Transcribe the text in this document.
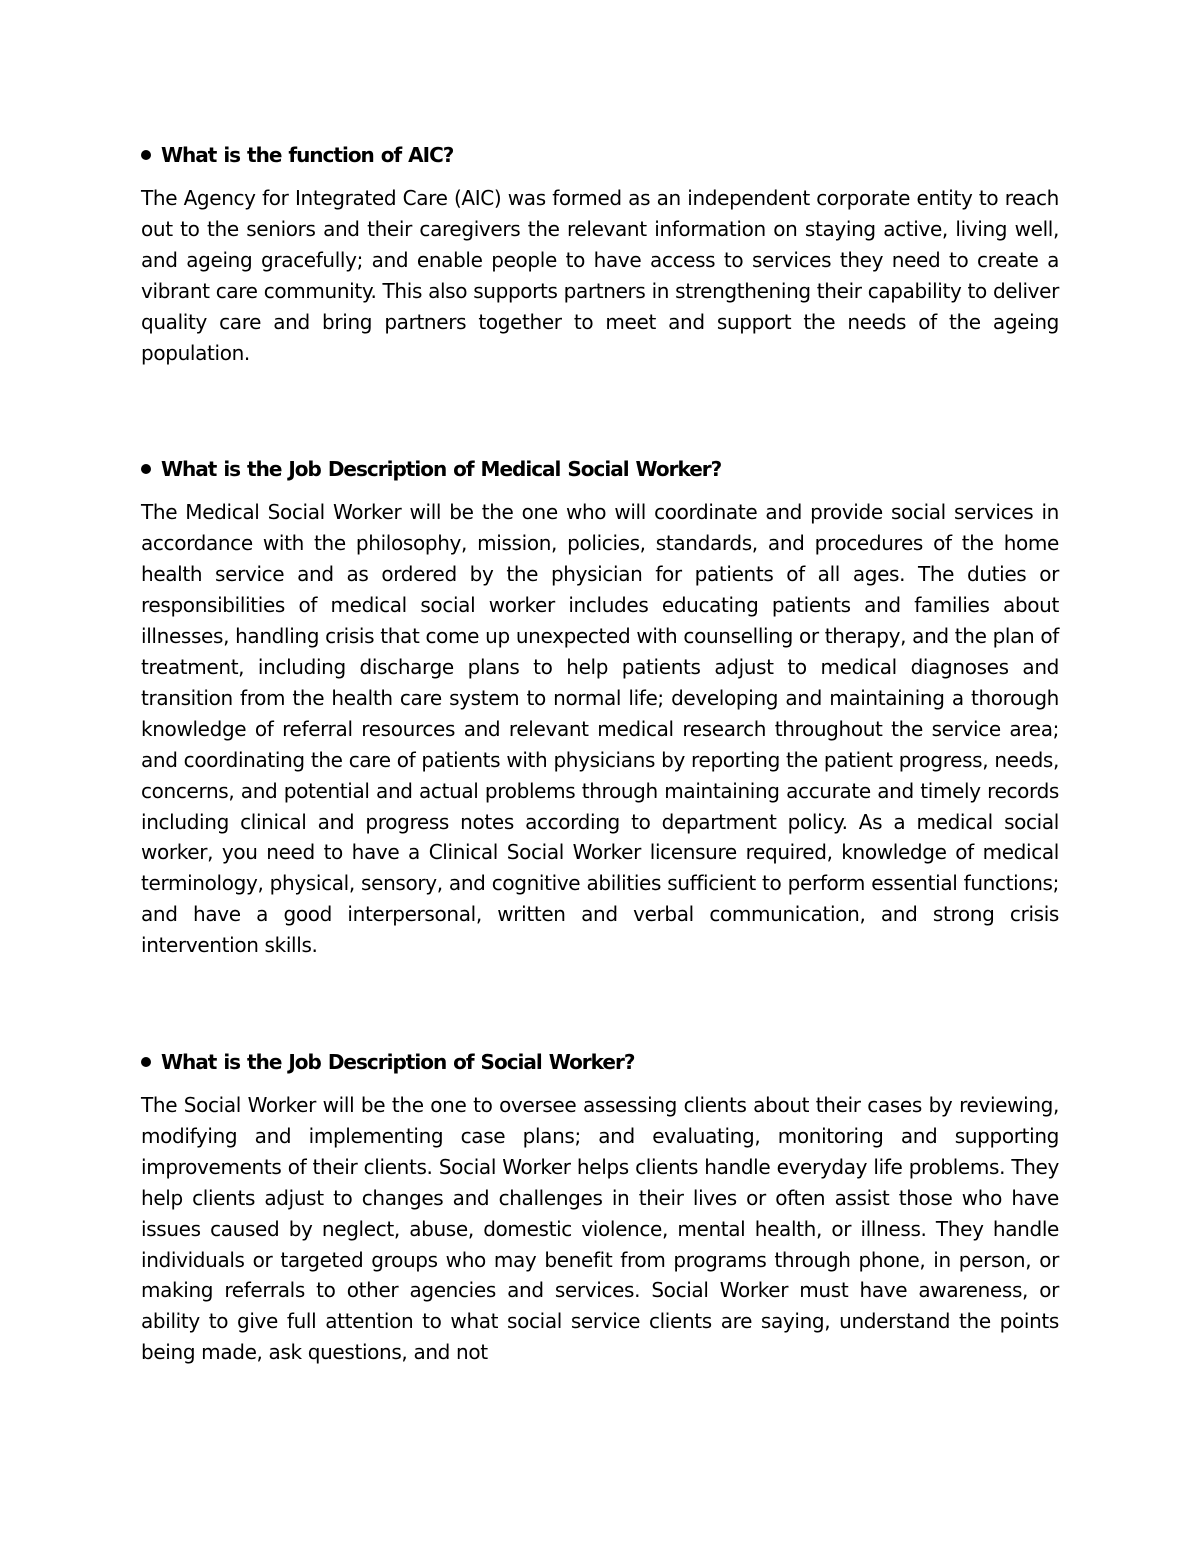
What is the function of AIC?

The Agency for Integrated Care (AIC) was formed as an independent corporate entity to reach out to the seniors and their caregivers the relevant information on staying active, living well, and ageing gracefully; and enable people to have access to services they need to create a vibrant care community. This also supports partners in strengthening their capability to deliver quality care and bring partners together to meet and support the needs of the ageing population.

What is the Job Description of Medical Social Worker?

The Medical Social Worker will be the one who will coordinate and provide social services in accordance with the philosophy, mission, policies, standards, and procedures of the home health service and as ordered by the physician for patients of all ages. The duties or responsibilities of medical social worker includes educating patients and families about illnesses, handling crisis that come up unexpected with counselling or therapy, and the plan of treatment, including discharge plans to help patients adjust to medical diagnoses and transition from the health care system to normal life; developing and maintaining a thorough knowledge of referral resources and relevant medical research throughout the service area; and coordinating the care of patients with physicians by reporting the patient progress, needs, concerns, and potential and actual problems through maintaining accurate and timely records including clinical and progress notes according to department policy. As a medical social worker, you need to have a Clinical Social Worker licensure required, knowledge of medical terminology, physical, sensory, and cognitive abilities sufficient to perform essential functions; and have a good interpersonal, written and verbal communication, and strong crisis intervention skills.

What is the Job Description of Social Worker?

The Social Worker will be the one to oversee assessing clients about their cases by reviewing, modifying and implementing case plans; and evaluating, monitoring and supporting improvements of their clients. Social Worker helps clients handle everyday life problems. They help clients adjust to changes and challenges in their lives or often assist those who have issues caused by neglect, abuse, domestic violence, mental health, or illness. They handle individuals or targeted groups who may benefit from programs through phone, in person, or making referrals to other agencies and services. Social Worker must have awareness, or ability to give full attention to what social service clients are saying, understand the points being made, ask questions, and not
